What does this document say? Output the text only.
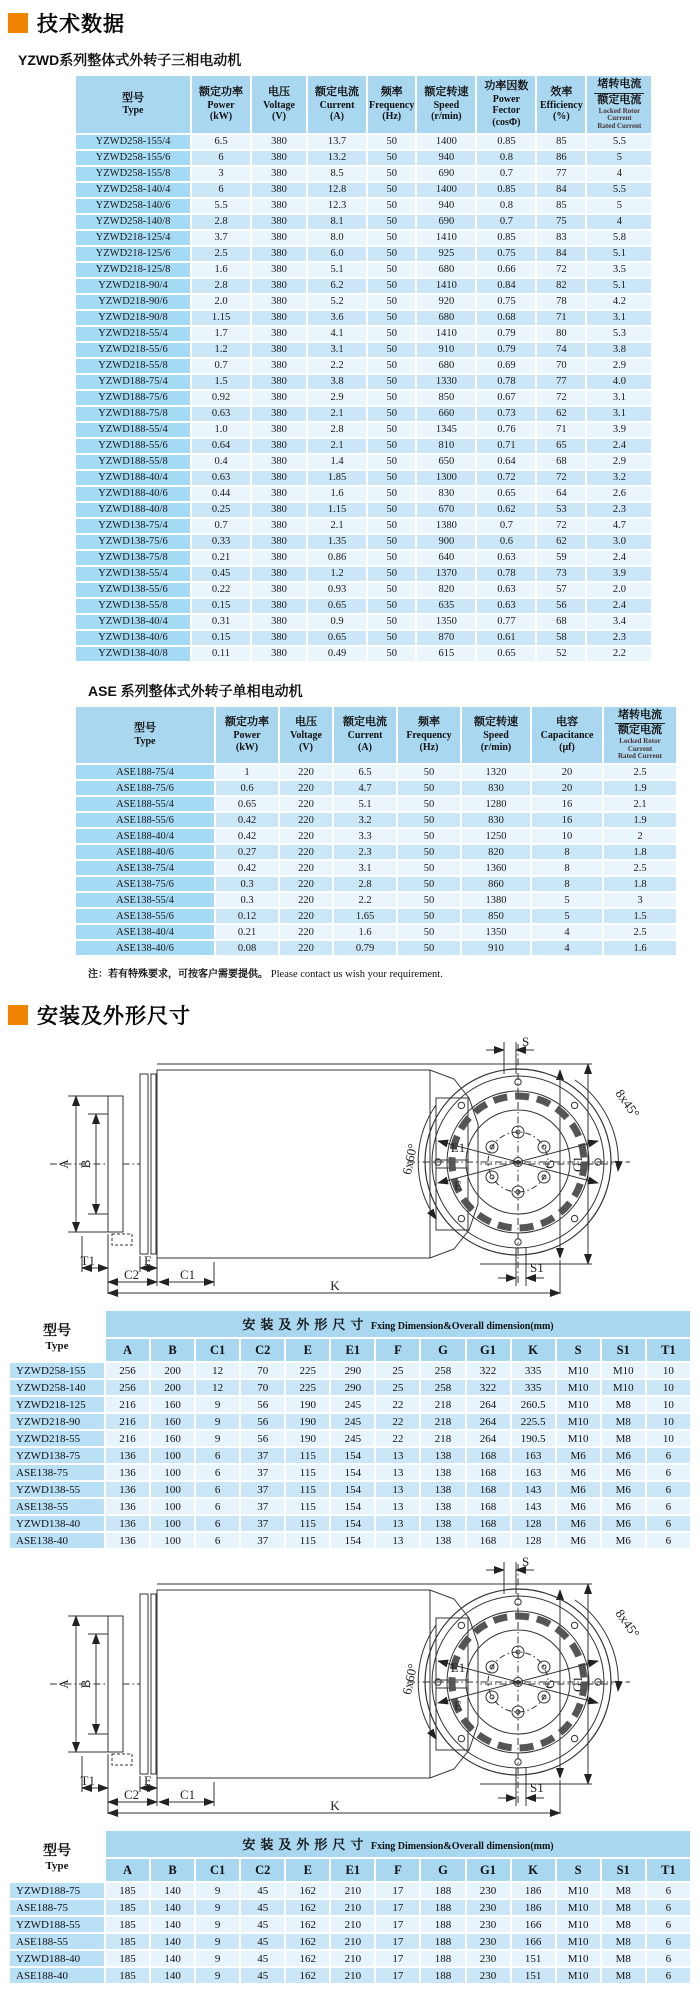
技术数据
YZWD系列整体式外转子三相电动机
型号
Type

额定功率
Power
(kW)

电压
Voltage
(V)

额定电流
Current
(A)

频率
Frequency
(Hz)

额定转速
Speed
(r/min)

功率因数
Power Fector
(cosΦ)

效率
Efficiency
(%)

堵转电流
额定电流
Locked Rotor
Current
Rated Current

YZWD258-155/4	6.5	380	13.7	50	1400	0.85	85	5.5
YZWD258-155/6	6	380	13.2	50	940	0.8	86	5
YZWD258-155/8	3	380	8.5	50	690	0.7	77	4
YZWD258-140/4	6	380	12.8	50	1400	0.85	84	5.5
YZWD258-140/6	5.5	380	12.3	50	940	0.8	85	5
YZWD258-140/8	2.8	380	8.1	50	690	0.7	75	4
YZWD218-125/4	3.7	380	8.0	50	1410	0.85	83	5.8
YZWD218-125/6	2.5	380	6.0	50	925	0.75	84	5.1
YZWD218-125/8	1.6	380	5.1	50	680	0.66	72	3.5
YZWD218-90/4	2.8	380	6.2	50	1410	0.84	82	5.1
YZWD218-90/6	2.0	380	5.2	50	920	0.75	78	4.2
YZWD218-90/8	1.15	380	3.6	50	680	0.68	71	3.1
YZWD218-55/4	1.7	380	4.1	50	1410	0.79	80	5.3
YZWD218-55/6	1.2	380	3.1	50	910	0.79	74	3.8
YZWD218-55/8	0.7	380	2.2	50	680	0.69	70	2.9
YZWD188-75/4	1.5	380	3.8	50	1330	0.78	77	4.0
YZWD188-75/6	0.92	380	2.9	50	850	0.67	72	3.1
YZWD188-75/8	0.63	380	2.1	50	660	0.73	62	3.1
YZWD188-55/4	1.0	380	2.8	50	1345	0.76	71	3.9
YZWD188-55/6	0.64	380	2.1	50	810	0.71	65	2.4
YZWD188-55/8	0.4	380	1.4	50	650	0.64	68	2.9
YZWD188-40/4	0.63	380	1.85	50	1300	0.72	72	3.2
YZWD188-40/6	0.44	380	1.6	50	830	0.65	64	2.6
YZWD188-40/8	0.25	380	1.15	50	670	0.62	53	2.3
YZWD138-75/4	0.7	380	2.1	50	1380	0.7	72	4.7
YZWD138-75/6	0.33	380	1.35	50	900	0.6	62	3.0
YZWD138-75/8	0.21	380	0.86	50	640	0.63	59	2.4
YZWD138-55/4	0.45	380	1.2	50	1370	0.78	73	3.9
YZWD138-55/6	0.22	380	0.93	50	820	0.63	57	2.0
YZWD138-55/8	0.15	380	0.65	50	635	0.63	56	2.4
YZWD138-40/4	0.31	380	0.9	50	1350	0.77	68	3.4
YZWD138-40/6	0.15	380	0.65	50	870	0.61	58	2.3
YZWD138-40/8	0.11	380	0.49	50	615	0.65	52	2.2
ASE 系列整体式外转子单相电动机
型号
Type

额定功率
Power
(kW)

电压
Voltage
(V)

额定电流
Current
(A)

频率
Frequency
(Hz)

额定转速
Speed
(r/min)

电容
Capacitance
(μf)

堵转电流
额定电流
Locked Rotor
Current
Rated Current

ASE188-75/4	1	220	6.5	50	1320	20	2.5
ASE188-75/6	0.6	220	4.7	50	830	20	1.9
ASE188-55/4	0.65	220	5.1	50	1280	16	2.1
ASE188-55/6	0.42	220	3.2	50	830	16	1.9
ASE188-40/4	0.42	220	3.3	50	1250	10	2
ASE188-40/6	0.27	220	2.3	50	820	8	1.8
ASE138-75/4	0.42	220	3.1	50	1360	8	2.5
ASE138-75/6	0.3	220	2.8	50	860	8	1.8
ASE138-55/4	0.3	220	2.2	50	1380	5	3
ASE138-55/6	0.12	220	1.65	50	850	5	1.5
ASE138-40/4	0.21	220	1.6	50	1350	4	2.5
ASE138-40/6	0.08	220	0.79	50	910	4	1.6
注：若有特殊要求，可按客户需要提供。 Please contact us wish your requirement.
安装及外形尺寸
A B	G G1
T1	F
C2	C1
K
S
S1
E1
E
8x45°
6x60°
型号
Type	安装及外形尺寸 Fxing Dimension&Overall dimension(mm)												
	A	B	C1	C2	E	E1	F	G	G1	K	S	S1	T1
YZWD258-155	256	200	12	70	225	290	25	258	322	335	M10	M10	10
YZWD258-140	256	200	12	70	225	290	25	258	322	335	M10	M10	10
YZWD218-125	216	160	9	56	190	245	22	218	264	260.5	M10	M8	10
YZWD218-90	216	160	9	56	190	245	22	218	264	225.5	M10	M8	10
YZWD218-55	216	160	9	56	190	245	22	218	264	190.5	M10	M8	10
YZWD138-75	136	100	6	37	115	154	13	138	168	163	M6	M6	6
ASE138-75	136	100	6	37	115	154	13	138	168	163	M6	M6	6
YZWD138-55	136	100	6	37	115	154	13	138	168	143	M6	M6	6
ASE138-55	136	100	6	37	115	154	13	138	168	143	M6	M6	6
YZWD138-40	136	100	6	37	115	154	13	138	168	128	M6	M6	6
ASE138-40	136	100	6	37	115	154	13	138	168	128	M6	M6	6
A B	G G1
T1	F
C2	C1
K
S
S1
E1
E
8x45°
6x60°
型号
Type	安装及外形尺寸 Fxing Dimension&Overall dimension(mm)												
	A	B	C1	C2	E	E1	F	G	G1	K	S	S1	T1
YZWD188-75	185	140	9	45	162	210	17	188	230	186	M10	M8	6
ASE188-75	185	140	9	45	162	210	17	188	230	186	M10	M8	6
YZWD188-55	185	140	9	45	162	210	17	188	230	166	M10	M8	6
ASE188-55	185	140	9	45	162	210	17	188	230	166	M10	M8	6
YZWD188-40	185	140	9	45	162	210	17	188	230	151	M10	M8	6
ASE188-40	185	140	9	45	162	210	17	188	230	151	M10	M8	6
